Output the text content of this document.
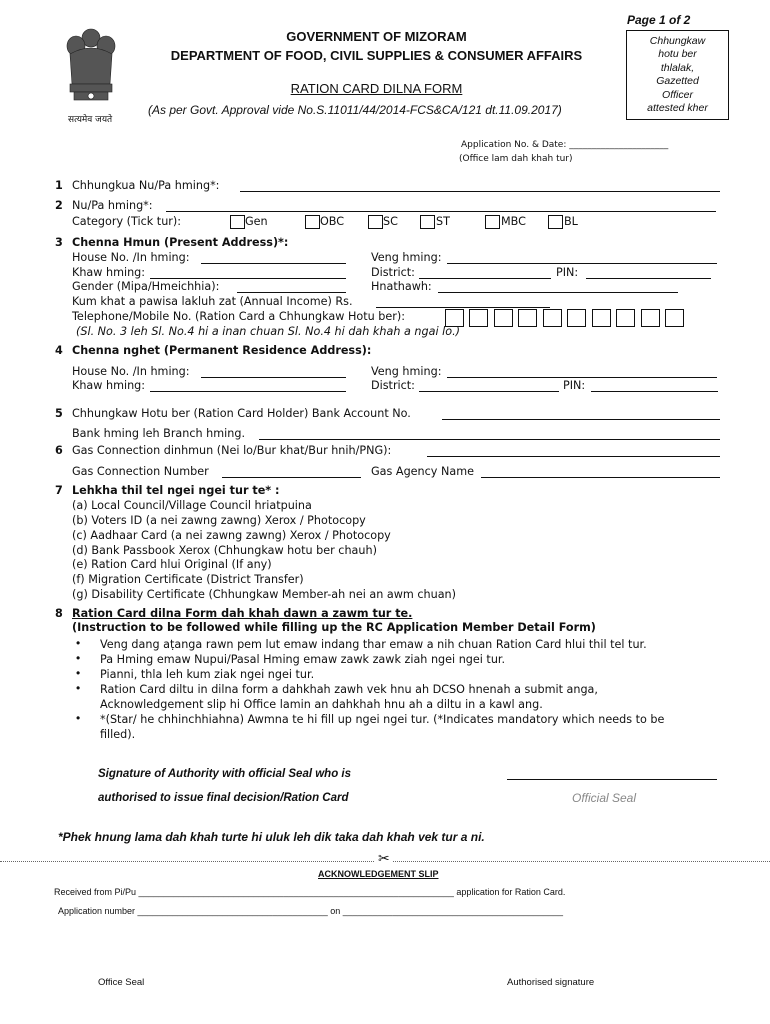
Page 1 of 2
सत्यमेव जयते
GOVERNMENT OF MIZORAM
DEPARTMENT OF FOOD, CIVIL SUPPLIES & CONSUMER AFFAIRS
RATION CARD DILNA FORM
(As per Govt. Approval vide No.S.11011/44/2014-FCS&CA/121 dt.11.09.2017)
Chhungkaw
hotu ber
thlalak,
Gazetted
Officer
attested kher
Application No. & Date: ______________________
(Office lam dah khah tur)
1 Chhungkua Nu/Pa hming*:
2 Nu/Pa hming*:
Category (Tick tur):	Gen	OBC	SC	ST	MBC	BL
3 Chenna Hmun (Present Address)*:
House No. /In hming:	Veng hming:
Khaw hming:	District:	PIN:
Gender (Mipa/Hmeichhia):	Hnathawh:
Kum khat a pawisa lakluh zat (Annual Income) Rs.
Telephone/Mobile No. (Ration Card a Chhungkaw Hotu ber):
(Sl. No. 3 leh Sl. No.4 hi a inan chuan Sl. No.4 hi dah khah a ngai lo.)
4 Chenna nghet (Permanent Residence Address):
House No. /In hming:	Veng hming:
Khaw hming:	District:	PIN:
5 Chhungkaw Hotu ber (Ration Card Holder) Bank Account No.
Bank hming leh Branch hming.
6 Gas Connection dinhmun (Nei lo/Bur khat/Bur hnih/PNG):
Gas Connection Number	Gas Agency Name
7 Lehkha thil tel ngei ngei tur te* :
(a) Local Council/Village Council hriatpuina
(b) Voters ID (a nei zawng zawng) Xerox / Photocopy
(c) Aadhaar Card (a nei zawng zawng) Xerox / Photocopy
(d) Bank Passbook Xerox (Chhungkaw hotu ber chauh)
(e) Ration Card hlui Original (If any)
(f) Migration Certificate (District Transfer)
(g) Disability Certificate (Chhungkaw Member-ah nei an awm chuan)
8 Ration Card dilna Form dah khah dawn a zawm tur te.
(Instruction to be followed while filling up the RC Application Member Detail Form)
• Veng dang aṭanga rawn pem lut emaw indang thar emaw a nih chuan Ration Card hlui thil tel tur.
• Pa Hming emaw Nupui/Pasal Hming emaw zawk zawk ziah ngei ngei tur.
• Pianni, thla leh kum ziak ngei ngei tur.
• Ration Card diltu in dilna form a dahkhah zawh vek hnu ah DCSO hnenah a submit anga,
Acknowledgement slip hi Office lamin an dahkhah hnu ah a diltu in a kawl ang.
• *(Star/ he chhinchhiahna) Awmna te hi fill up ngei ngei tur. (*Indicates mandatory which needs to be
filled).
Signature of Authority with official Seal who is
authorised to issue final decision/Ration Card	Official Seal
*Phek hnung lama dah khah turte hi uluk leh dik taka dah khah vek tur a ni.
✂
ACKNOWLEDGEMENT SLIP
Received from Pi/Pu _______________________________________________________________ application for Ration Card.
Application number ______________________________________ on ____________________________________________
Office Seal	Authorised signature
